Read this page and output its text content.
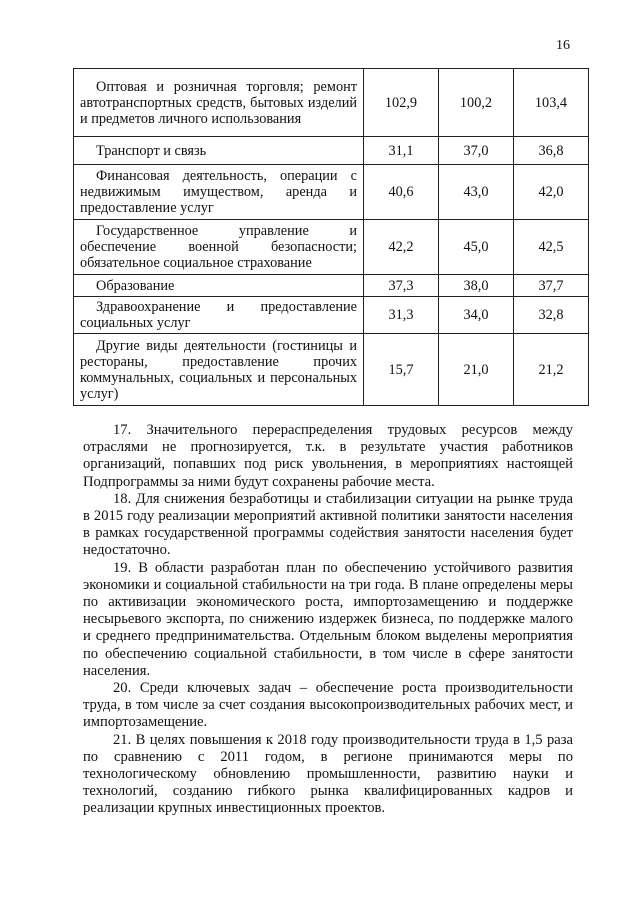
16
Оптовая и розничная торговля; ремонт автотранспортных средств, бытовых изделий и предметов личного использования	102,9	100,2	103,4
Транспорт и связь	31,1	37,0	36,8
Финансовая деятельность, операции с недвижимым имуществом, аренда и предоставление услуг	40,6	43,0	42,0
Государственное управление и обеспечение военной безопасности; обязательное социальное страхование	42,2	45,0	42,5
Образование	37,3	38,0	37,7
Здравоохранение и предоставление социальных услуг	31,3	34,0	32,8
Другие виды деятельности (гостиницы и рестораны, предоставление прочих коммунальных, социальных и персональных услуг)	15,7	21,0	21,2

17. Значительного перераспределения трудовых ресурсов между отраслями не прогнозируется, т.к. в результате участия работников организаций, попавших под риск увольнения, в мероприятиях настоящей Подпрограммы за ними будут сохранены рабочие места.

18. Для снижения безработицы и стабилизации ситуации на рынке труда в 2015 году реализации мероприятий активной политики занятости населения в рамках государственной программы содействия занятости населения будет недостаточно.

19. В области разработан план по обеспечению устойчивого развития экономики и социальной стабильности на три года. В плане определены меры по активизации экономического роста, импортозамещению и поддержке несырьевого экспорта, по снижению издержек бизнеса, по поддержке малого и среднего предпринимательства. Отдельным блоком выделены мероприятия по обеспечению социальной стабильности, в том числе в сфере занятости населения.

20. Среди ключевых задач – обеспечение роста производительности труда, в том числе за счет создания высокопроизводительных рабочих мест, и импортозамещение.

21. В целях повышения к 2018 году производительности труда в 1,5 раза по сравнению с 2011 годом, в регионе принимаются меры по технологическому обновлению промышленности, развитию науки и технологий, созданию гибкого рынка квалифицированных кадров и реализации крупных инвестиционных проектов.
